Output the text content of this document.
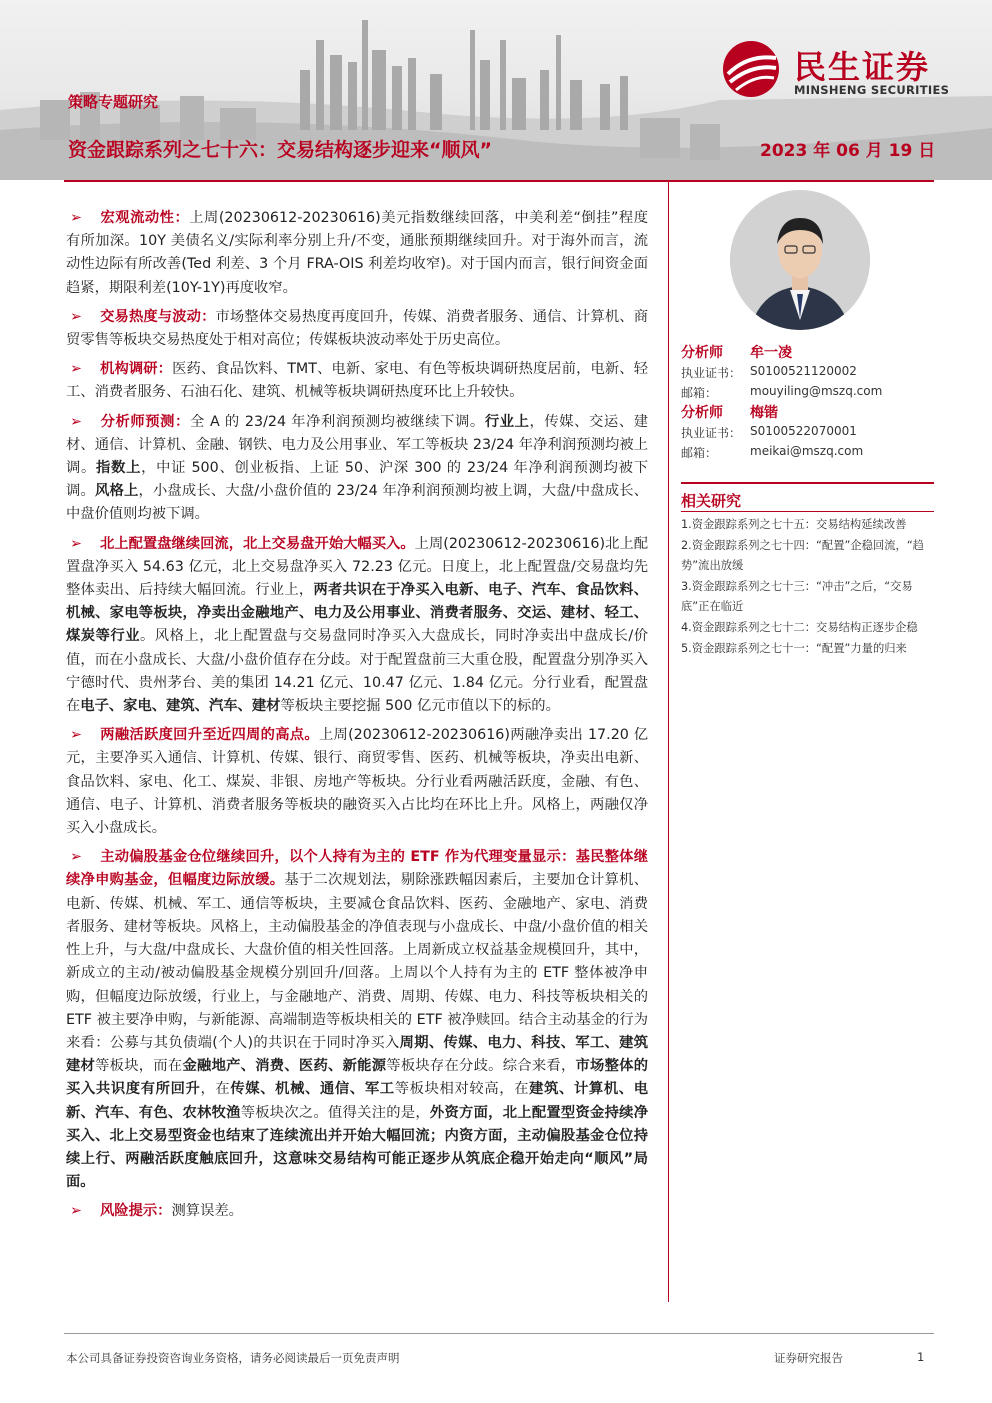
民生证券
MINSHENG SECURITIES
策略专题研究
资金跟踪系列之七十六：交易结构逐步迎来“顺风”	2023 年 06 月 19 日

➢ 宏观流动性：上周(20230612-20230616)美元指数继续回落，中美利差“倒挂”程度有所加深。10Y 美债名义/实际利率分别上升/不变，通胀预期继续回升。对于海外而言，流动性边际有所改善(Ted 利差、3 个月 FRA-OIS 利差均收窄)。对于国内而言，银行间资金面趋紧，期限利差(10Y-1Y)再度收窄。

➢ 交易热度与波动：市场整体交易热度再度回升，传媒、消费者服务、通信、计算机、商贸零售等板块交易热度处于相对高位；传媒板块波动率处于历史高位。

➢ 机构调研：医药、食品饮料、TMT、电新、家电、有色等板块调研热度居前，电新、轻工、消费者服务、石油石化、建筑、机械等板块调研热度环比上升较快。

➢ 分析师预测：全 A 的 23/24 年净利润预测均被继续下调。行业上，传媒、交运、建材、通信、计算机、金融、钢铁、电力及公用事业、军工等板块 23/24 年净利润预测均被上调。指数上，中证 500、创业板指、上证 50、沪深 300 的 23/24 年净利润预测均被下调。风格上，小盘成长、大盘/小盘价值的 23/24 年净利润预测均被上调，大盘/中盘成长、中盘价值则均被下调。

➢ 北上配置盘继续回流，北上交易盘开始大幅买入。上周(20230612-20230616)北上配置盘净买入 54.63 亿元，北上交易盘净买入 72.23 亿元。日度上，北上配置盘/交易盘均先整体卖出、后持续大幅回流。行业上，两者共识在于净买入电新、电子、汽车、食品饮料、机械、家电等板块，净卖出金融地产、电力及公用事业、消费者服务、交运、建材、轻工、煤炭等行业。风格上，北上配置盘与交易盘同时净买入大盘成长，同时净卖出中盘成长/价值，而在小盘成长、大盘/小盘价值存在分歧。对于配置盘前三大重仓股，配置盘分别净买入宁德时代、贵州茅台、美的集团 14.21 亿元、10.47 亿元、1.84 亿元。分行业看，配置盘在电子、家电、建筑、汽车、建材等板块主要挖掘 500 亿元市值以下的标的。

➢ 两融活跃度回升至近四周的高点。上周(20230612-20230616)两融净卖出 17.20 亿元，主要净买入通信、计算机、传媒、银行、商贸零售、医药、机械等板块，净卖出电新、食品饮料、家电、化工、煤炭、非银、房地产等板块。分行业看两融活跃度，金融、有色、通信、电子、计算机、消费者服务等板块的融资买入占比均在环比上升。风格上，两融仅净买入小盘成长。

➢ 主动偏股基金仓位继续回升，以个人持有为主的 ETF 作为代理变量显示：基民整体继续净申购基金，但幅度边际放缓。基于二次规划法，剔除涨跌幅因素后，主要加仓计算机、电新、传媒、机械、军工、通信等板块，主要减仓食品饮料、医药、金融地产、家电、消费者服务、建材等板块。风格上，主动偏股基金的净值表现与小盘成长、中盘/小盘价值的相关性上升，与大盘/中盘成长、大盘价值的相关性回落。上周新成立权益基金规模回升，其中，新成立的主动/被动偏股基金规模分别回升/回落。上周以个人持有为主的 ETF 整体被净申购，但幅度边际放缓，行业上，与金融地产、消费、周期、传媒、电力、科技等板块相关的 ETF 被主要净申购，与新能源、高端制造等板块相关的 ETF 被净赎回。结合主动基金的行为来看：公募与其负债端(个人)的共识在于同时净买入周期、传媒、电力、科技、军工、建筑建材等板块，而在金融地产、消费、医药、新能源等板块存在分歧。综合来看，市场整体的买入共识度有所回升，在传媒、机械、通信、军工等板块相对较高，在建筑、计算机、电新、汽车、有色、农林牧渔等板块次之。值得关注的是，外资方面，北上配置型资金持续净买入、北上交易型资金也结束了连续流出并开始大幅回流；内资方面，主动偏股基金仓位持续上行、两融活跃度触底回升，这意味交易结构可能正逐步从筑底企稳开始走向“顺风”局面。

➢ 风险提示：测算误差。

分析师 牟一凌
执业证书： S0100521120002
邮箱：	mouyiling@mszq.com
分析师 梅锴
执业证书： S0100522070001
邮箱：	meikai@mszq.com
相关研究
1.资金跟踪系列之七十五：交易结构延续改善
2.资金跟踪系列之七十四：“配置”企稳回流，“趋势”流出放缓
3.资金跟踪系列之七十三：“冲击”之后，“交易底”正在临近
4.资金跟踪系列之七十二：交易结构正逐步企稳
5.资金跟踪系列之七十一：“配置”力量的归来
本公司具备证券投资咨询业务资格，请务必阅读最后一页免责声明	证券研究报告	1
